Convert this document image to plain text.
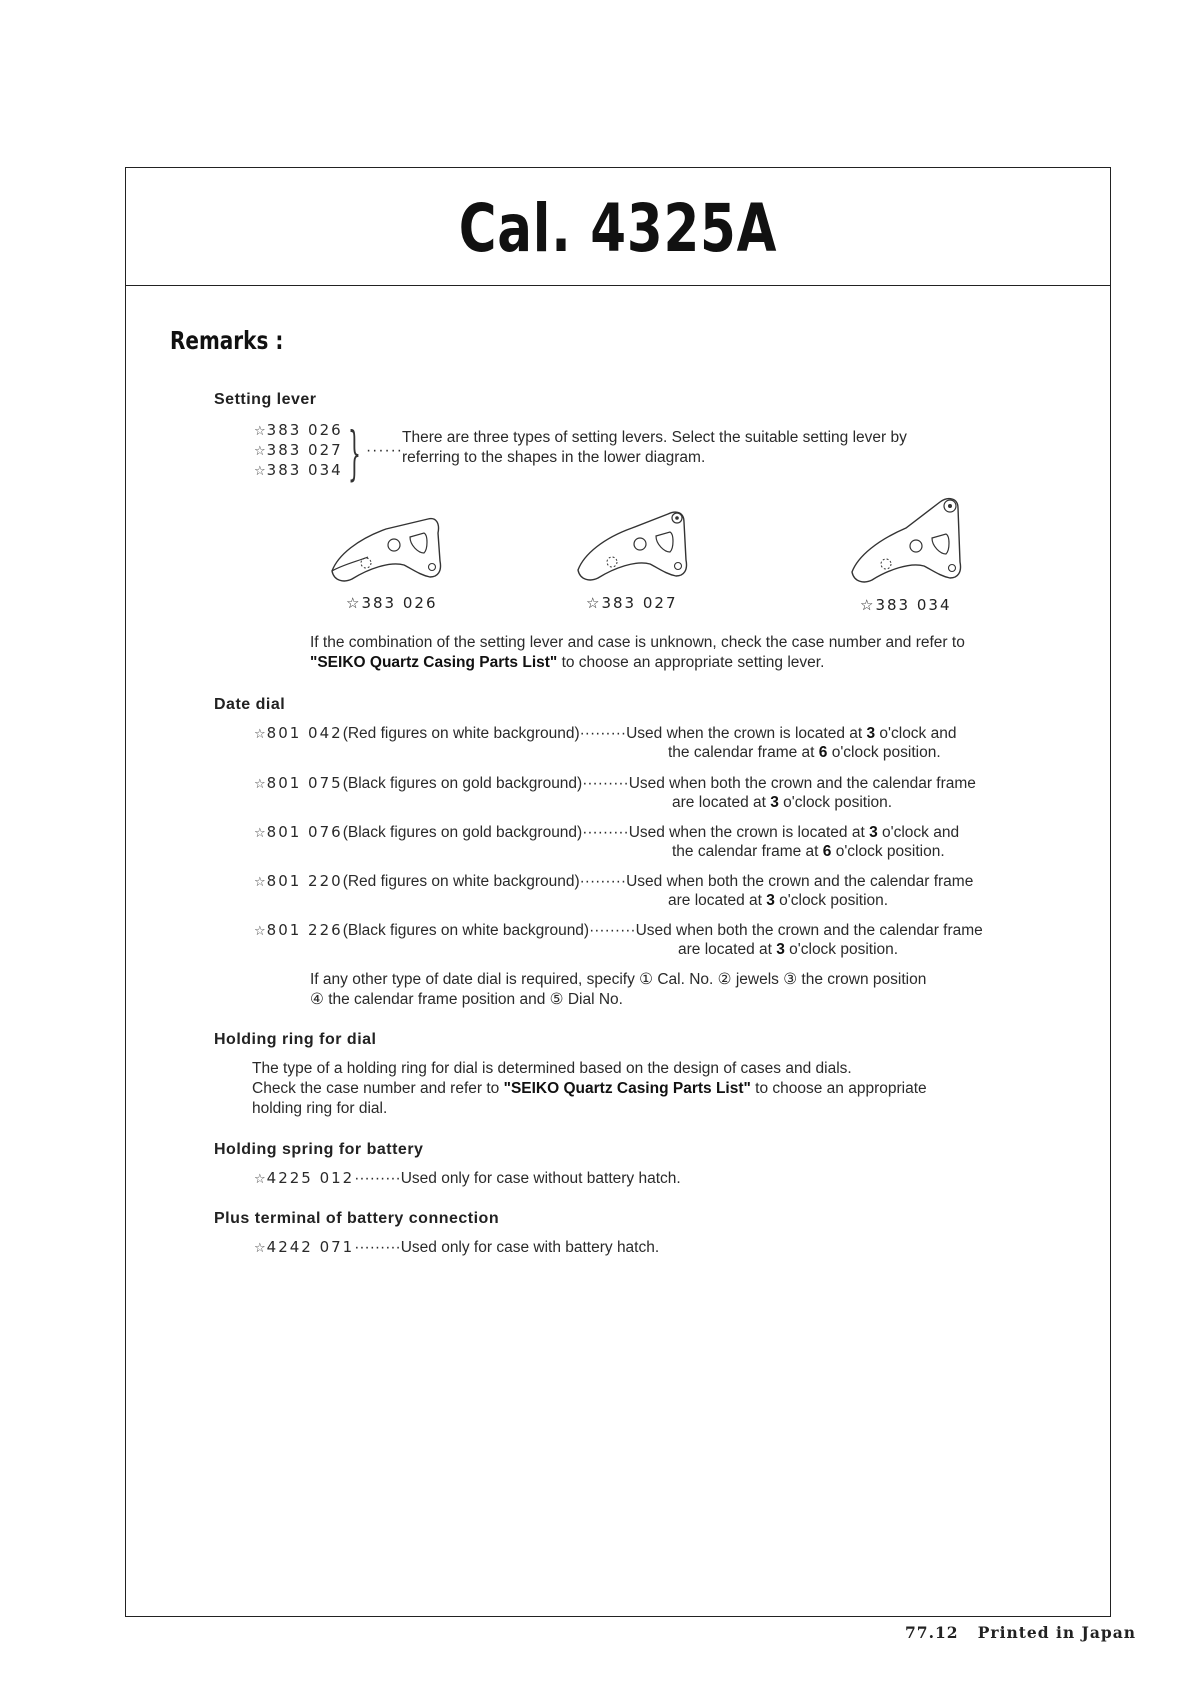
Cal. 4325A
Remarks :
Setting lever
☆383 026
☆383 027
☆383 034 } ······
There are three types of setting levers. Select the suitable setting lever by
referring to the shapes in the lower diagram.
☆383 026	☆383 027	☆383 034
If the combination of the setting lever and case is unknown, check the case number and refer to
"SEIKO Quartz Casing Parts List" to choose an appropriate setting lever.
Date dial
☆801 042(Red figures on white background)·········Used when the crown is located at 3 o'clock and
the calendar frame at 6 o'clock position.
☆801 075(Black figures on gold background)·········Used when both the crown and the calendar frame
are located at 3 o'clock position.
☆801 076(Black figures on gold background)·········Used when the crown is located at 3 o'clock and
the calendar frame at 6 o'clock position.
☆801 220(Red figures on white background)·········Used when both the crown and the calendar frame
are located at 3 o'clock position.
☆801 226(Black figures on white background)·········Used when both the crown and the calendar frame
are located at 3 o'clock position.
If any other type of date dial is required, specify ① Cal. No. ② jewels ③ the crown position
④ the calendar frame position and ⑤ Dial No.
Holding ring for dial
The type of a holding ring for dial is determined based on the design of cases and dials.
Check the case number and refer to "SEIKO Quartz Casing Parts List" to choose an appropriate
holding ring for dial.
Holding spring for battery
☆4225 012·········Used only for case without battery hatch.
Plus terminal of battery connection
☆4242 071·········Used only for case with battery hatch.
77.12 Printed in Japan
